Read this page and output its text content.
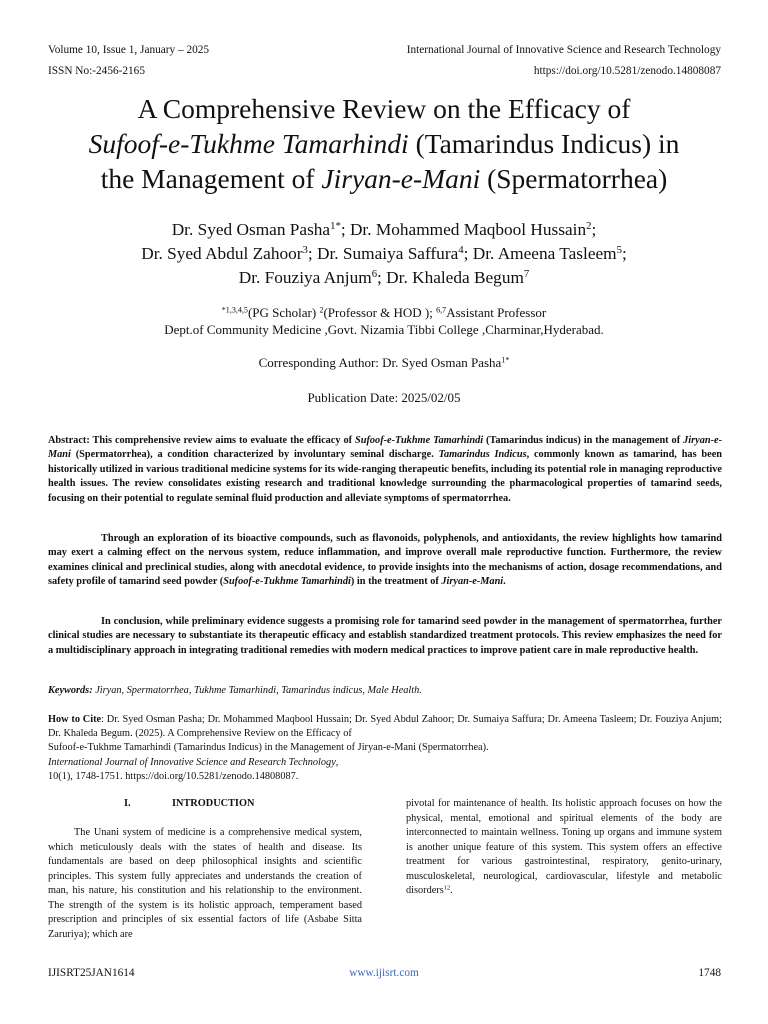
Volume 10, Issue 1, January – 2025	International Journal of Innovative Science and Research Technology
ISSN No:-2456-2165	https://doi.org/10.5281/zenodo.14808087
A Comprehensive Review on the Efficacy of
Sufoof-e-Tukhme Tamarhindi (Tamarindus Indicus) in
the Management of Jiryan-e-Mani (Spermatorrhea)
Dr. Syed Osman Pasha$^{1*}$; Dr. Mohammed Maqbool Hussain$^2$;
Dr. Syed Abdul Zahoor$^3$; Dr. Sumaiya Saffura$^4$; Dr. Ameena Tasleem$^5$;
Dr. Fouziya Anjum$^6$; Dr. Khaleda Begum$^7$
$^{*1,3,4,5}$(PG Scholar) $^2$(Professor & HOD ); $^{6,7}$Assistant Professor
Dept.of Community Medicine ,Govt. Nizamia Tibbi College ,Charminar,Hyderabad.
Corresponding Author: Dr. Syed Osman Pasha$^{1*}$
Publication Date: 2025/02/05

Abstract: This comprehensive review aims to evaluate the efficacy of Sufoof-e-Tukhme Tamarhindi (Tamarindus indicus) in the management of Jiryan-e-Mani (Spermatorrhea), a condition characterized by involuntary seminal discharge. Tamarindus Indicus, commonly known as tamarind, has been historically utilized in various traditional medicine systems for its wide-ranging therapeutic benefits, including its potential role in managing reproductive health issues. The review consolidates existing research and traditional knowledge surrounding the pharmacological properties of tamarind seeds, focusing on their potential to regulate seminal fluid production and alleviate symptoms of spermatorrhea.

Through an exploration of its bioactive compounds, such as flavonoids, polyphenols, and antioxidants, the review highlights how tamarind may exert a calming effect on the nervous system, reduce inflammation, and improve overall male reproductive function. Furthermore, the review examines clinical and preclinical studies, along with anecdotal evidence, to provide insights into the mechanisms of action, dosage recommendations, and safety profile of tamarind seed powder (Sufoof-e-Tukhme Tamarhindi) in the treatment of Jiryan-e-Mani.

In conclusion, while preliminary evidence suggests a promising role for tamarind seed powder in the management of spermatorrhea, further clinical studies are necessary to substantiate its therapeutic efficacy and establish standardized treatment protocols. This review emphasizes the need for a multidisciplinary approach in integrating traditional remedies with modern medical practices to improve patient care in male reproductive health.

Keywords: Jiryan, Spermatorrhea, Tukhme Tamarhindi, Tamarindus indicus, Male Health.
How to Cite: Dr. Syed Osman Pasha; Dr. Mohammed Maqbool Hussain; Dr. Syed Abdul Zahoor; Dr. Sumaiya Saffura; Dr. Ameena Tasleem; Dr. Fouziya Anjum; Dr. Khaleda Begum. (2025). A Comprehensive Review on the Efficacy of
Sufoof-e-Tukhme Tamarhindi (Tamarindus Indicus) in the Management of Jiryan-e-Mani (Spermatorrhea).
International Journal of Innovative Science and Research Technology,
10(1), 1748-1751. https://doi.org/10.5281/zenodo.14808087.
I.	INTRODUCTION

The Unani system of medicine is a comprehensive medical system, which meticulously deals with the states of health and disease. Its fundamentals are based on deep philosophical insights and scientific principles. This system fully appreciates and understands the creation of man, his nature, his constitution and his relationship to the environment. The strength of the system is its holistic approach, temperament based prescription and principles of six essential factors of life (Asbabe Sitta Zaruriya); which are

pivotal for maintenance of health. Its holistic approach focuses on how the physical, mental, emotional and spiritual elements of the body are interconnected to maintain wellness. Toning up organs and immune system is another unique feature of this system. This system offers an effective treatment for various gastrointestinal, respiratory, genito-urinary, musculoskeletal, neurological, cardiovascular, lifestyle and metabolic disorders$^{12}$.

IJISRT25JAN1614	www.ijisrt.com	1748
